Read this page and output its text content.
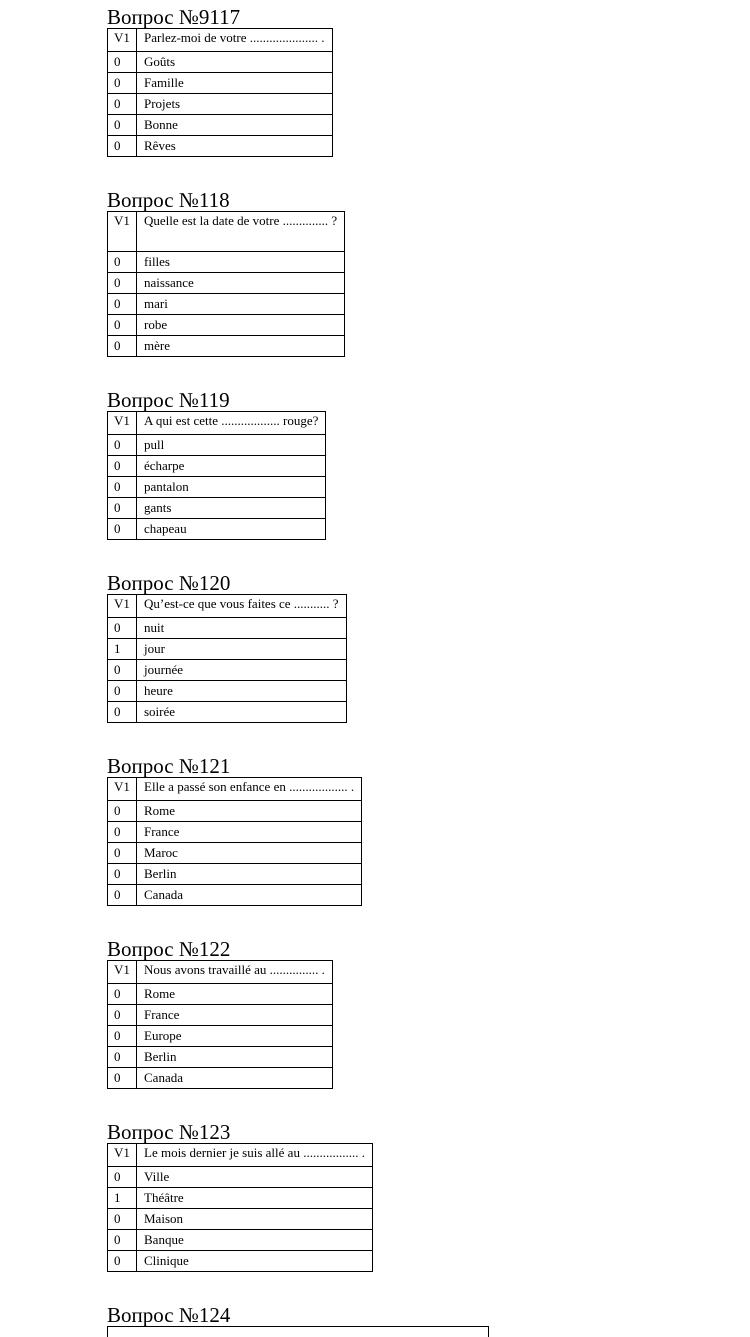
Вопрос №9117
V1	Parlez-moi de votre ..................... .
0	Goûts
0	Famille
0	Projets
0	Bonne
0	Rêves
Вопрос №118
V1	Quelle est la date de votre .............. ?
0	filles
0	naissance
0	mari
0	robe
0	mère
Вопрос №119
V1	A qui est cette .................. rouge?
0	pull
0	écharpe
0	pantalon
0	gants
0	chapeau
Вопрос №120
V1	Qu’est-ce que vous faites ce ........... ?
0	nuit
1	jour
0	journée
0	heure
0	soirée
Вопрос №121
V1	Elle a passé son enfance en .................. .
0	Rome
0	France
0	Maroc
0	Berlin
0	Canada
Вопрос №122
V1	Nous avons travaillé au ............... .
0	Rome
0	France
0	Europe
0	Berlin
0	Canada
Вопрос №123
V1	Le mois dernier je suis allé au ................. .
0	Ville
1	Théâtre
0	Maison
0	Banque
0	Clinique
Вопрос №124
